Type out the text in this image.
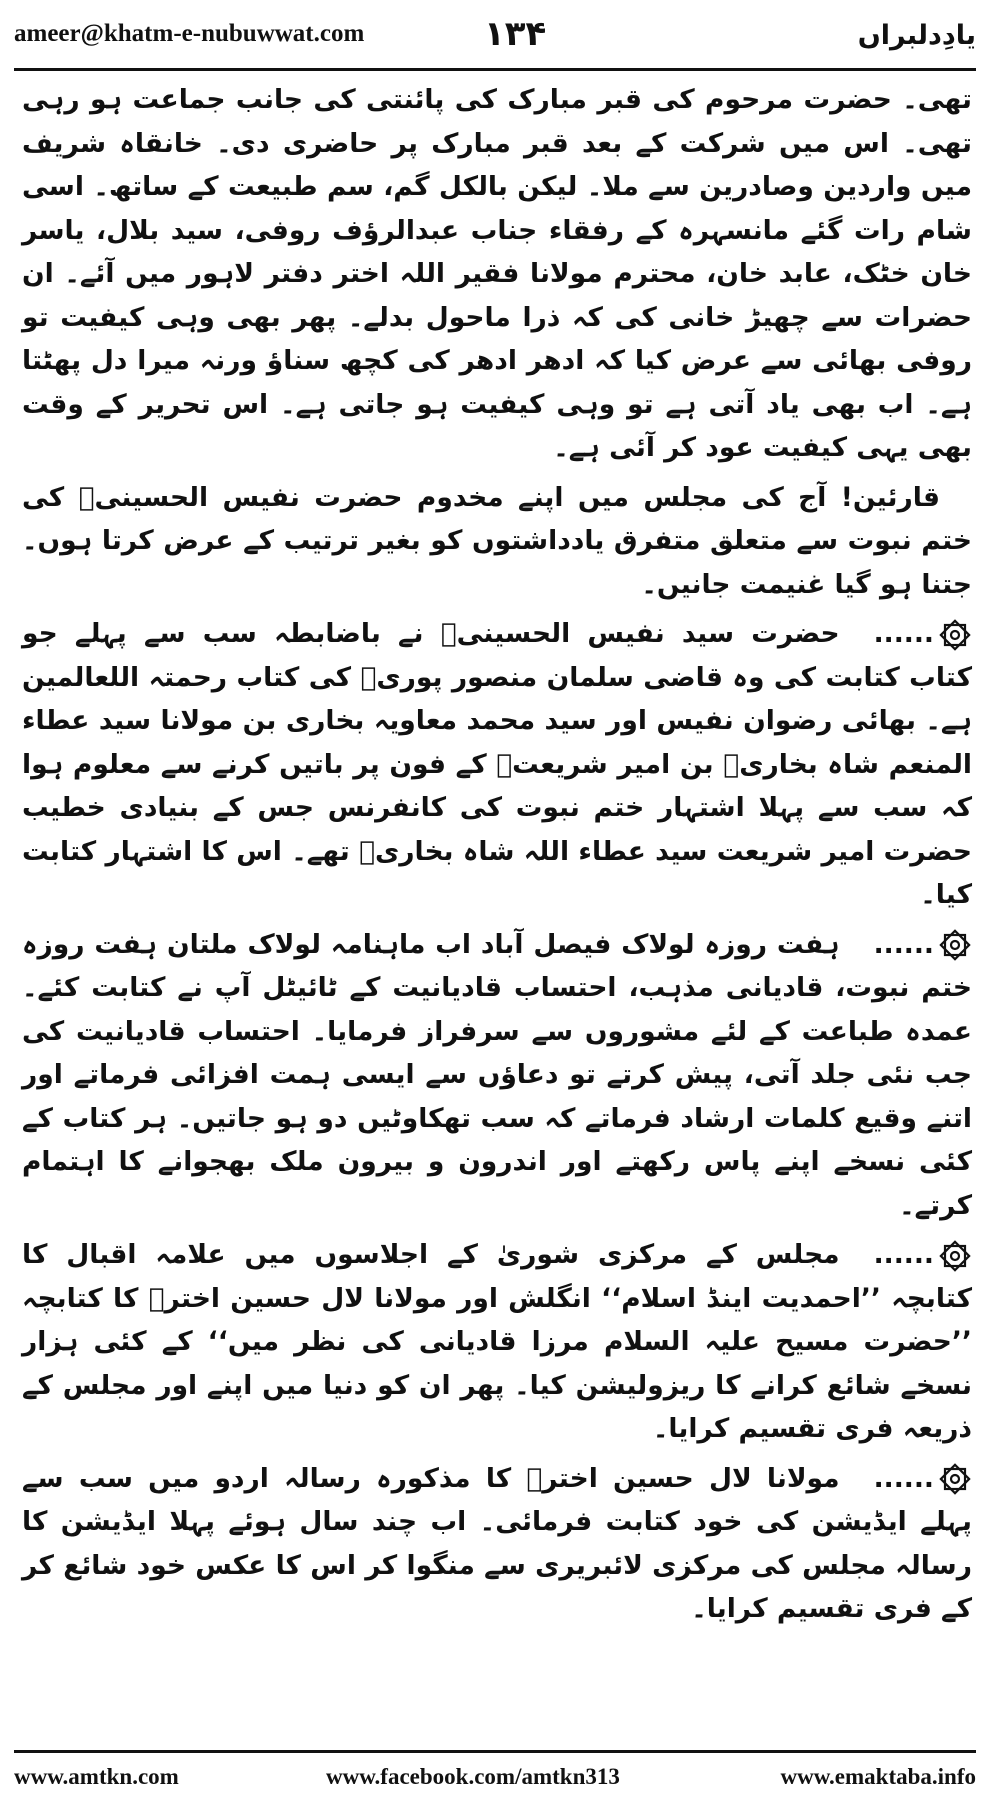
ameer@khatm-e-nubuwwat.com	۱۳۴	یادِدلبراں

تھی۔ حضرت مرحوم کی قبر مبارک کی پائنتی کی جانب جماعت ہو رہی تھی۔ اس میں شرکت کے بعد قبر مبارک پر حاضری دی۔ خانقاہ شریف میں واردین وصادرین سے ملا۔ لیکن بالکل گم، سم طبیعت کے ساتھ۔ اسی شام رات گئے مانسہرہ کے رفقاء جناب عبدالرؤف روفی، سید بلال، یاسر خان خٹک، عابد خان، محترم مولانا فقیر اللہ اختر دفتر لاہور میں آئے۔ ان حضرات سے چھیڑ خانی کی کہ ذرا ماحول بدلے۔ پھر بھی وہی کیفیت تو روفی بھائی سے عرض کیا کہ ادھر ادھر کی کچھ سناؤ ورنہ میرا دل پھٹتا ہے۔ اب بھی یاد آتی ہے تو وہی کیفیت ہو جاتی ہے۔ اس تحریر کے وقت بھی یہی کیفیت عود کر آئی ہے۔

قارئین! آج کی مجلس میں اپنے مخدوم حضرت نفیس الحسینیؒ کی ختم نبوت سے متعلق متفرق یادداشتوں کو بغیر ترتیب کے عرض کرتا ہوں۔ جتنا ہو گیا غنیمت جانیں۔

......حضرت سید نفیس الحسینیؒ نے باضابطہ سب سے پہلے جو کتاب کتابت کی وہ قاضی سلمان منصور پوریؒ کی کتاب رحمتہ اللعالمین ہے۔ بھائی رضوان نفیس اور سید محمد معاویہ بخاری بن مولانا سید عطاء المنعم شاہ بخاریؒ بن امیر شریعتؒ کے فون پر باتیں کرنے سے معلوم ہوا کہ سب سے پہلا اشتہار ختم نبوت کی کانفرنس جس کے بنیادی خطیب حضرت امیر شریعت سید عطاء اللہ شاہ بخاریؒ تھے۔ اس کا اشتہار کتابت کیا۔

......ہفت روزہ لولاک فیصل آباد اب ماہنامہ لولاک ملتان ہفت روزہ ختم نبوت، قادیانی مذہب، احتساب قادیانیت کے ٹائیٹل آپ نے کتابت کئے۔ عمدہ طباعت کے لئے مشوروں سے سرفراز فرمایا۔ احتساب قادیانیت کی جب نئی جلد آتی، پیش کرتے تو دعاؤں سے ایسی ہمت افزائی فرماتے اور اتنے وقیع کلمات ارشاد فرماتے کہ سب تھکاوٹیں دو ہو جاتیں۔ ہر کتاب کے کئی نسخے اپنے پاس رکھتے اور اندرون و بیرون ملک بھجوانے کا اہتمام کرتے۔

......مجلس کے مرکزی شوریٰ کے اجلاسوں میں علامہ اقبال کا کتابچہ ’’احمدیت اینڈ اسلام‘‘ انگلش اور مولانا لال حسین اخترؒ کا کتابچہ ’’حضرت مسیح علیہ السلام مرزا قادیانی کی نظر میں‘‘ کے کئی ہزار نسخے شائع کرانے کا ریزولیشن کیا۔ پھر ان کو دنیا میں اپنے اور مجلس کے ذریعہ فری تقسیم کرایا۔

......مولانا لال حسین اخترؒ کا مذکورہ رسالہ اردو میں سب سے پہلے ایڈیشن کی خود کتابت فرمائی۔ اب چند سال ہوئے پہلا ایڈیشن کا رسالہ مجلس کی مرکزی لائبریری سے منگوا کر اس کا عکس خود شائع کر کے فری تقسیم کرایا۔

www.amtkn.com	www.facebook.com/amtkn313	www.emaktaba.info
